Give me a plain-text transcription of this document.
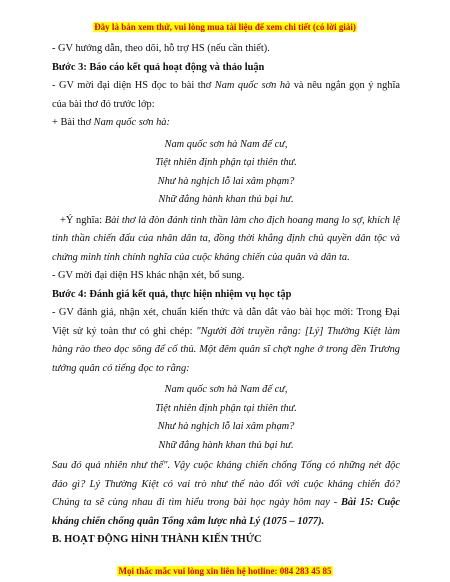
Đây là bản xem thử, vui lòng mua tài liệu để xem chi tiết (có lời giải)

- GV hướng dẫn, theo dõi, hỗ trợ HS (nếu cần thiết).

Bước 3: Báo cáo kết quả hoạt động và thảo luận

- GV mời đại diện HS đọc to bài thơ Nam quốc sơn hà và nêu ngắn gọn ý nghĩa của bài thơ đó trước lớp:

+ Bài thơ Nam quốc sơn hà:

Nam quốc sơn hà Nam đế cư,

Tiệt nhiên định phận tại thiên thư.

Như hà nghịch lỗ lai xâm phạm?

Nhữ đẳng hành khan thủ bại hư.

+Ý nghĩa: Bài thơ là đòn đánh tinh thần làm cho địch hoang mang lo sợ, khích lệ tinh thần chiến đấu của nhân dân ta, đồng thời khẳng định chủ quyền dân tộc và chứng minh tính chính nghĩa của cuộc kháng chiến của quân và dân ta.

- GV mời đại diện HS khác nhận xét, bổ sung.

Bước 4: Đánh giá kết quả, thực hiện nhiệm vụ học tập

- GV đánh giá, nhận xét, chuẩn kiến thức và dẫn dắt vào bài học mới: Trong Đại Việt sử ký toàn thư có ghi chép: "Người đời truyền rằng: [Lý] Thường Kiệt làm hàng rào theo dọc sông để cố thủ. Một đêm quân sĩ chợt nghe ở trong đền Trương tướng quân có tiếng đọc to rằng:

Nam quốc sơn hà Nam đế cư,

Tiệt nhiên định phận tại thiên thư.

Như hà nghịch lỗ lai xâm phạm?

Nhữ đẳng hành khan thủ bại hư.

Sau đó quả nhiên như thế". Vậy cuộc kháng chiến chống Tống có những nét độc đáo gì? Lý Thường Kiệt có vai trò như thế nào đối với cuộc kháng chiến đó? Chúng ta sẽ cùng nhau đi tìm hiểu trong bài học ngày hôm nay - Bài 15: Cuộc kháng chiến chống quân Tống xâm lược nhà Lý (1075 – 1077).

B. HOẠT ĐỘNG HÌNH THÀNH KIẾN THỨC

Mọi thắc mắc vui lòng xin liên hệ hotline: 084 283 45 85
